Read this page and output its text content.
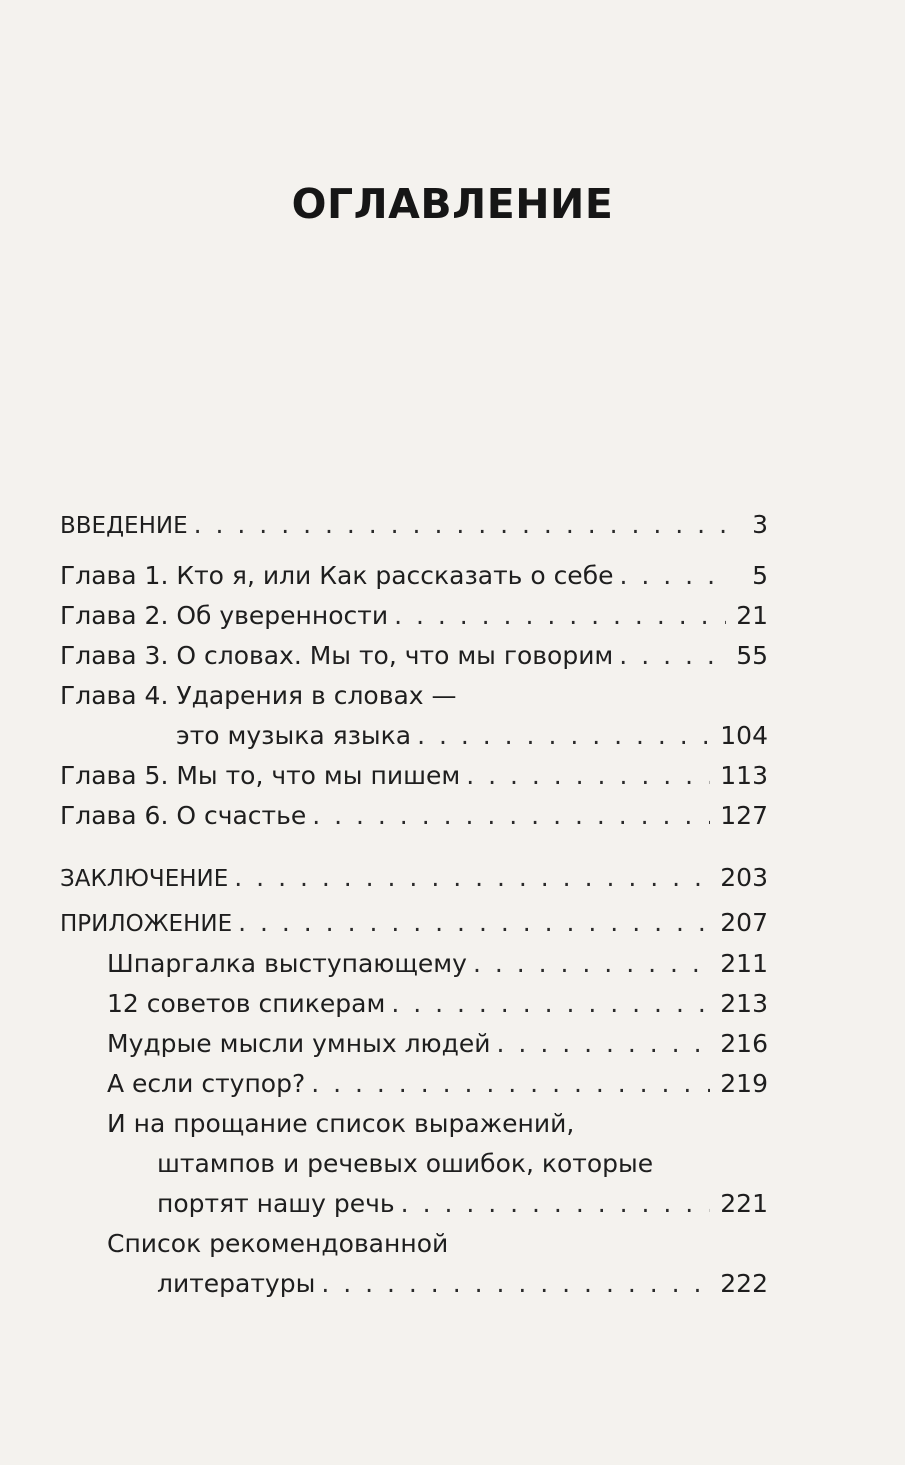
ОГЛАВЛЕНИЕ
ВВЕДЕНИЕ . . .	3
Глава 1. Кто я, или Как рассказать о себе . . .	5
Глава 2. Об уверенности . . .	21
Глава 3. О словах. Мы то, что мы говорим . . .	55
Глава 4. Ударения в словах —
это музыка языка . . .	104
Глава 5. Мы то, что мы пишем . . .	113
Глава 6. О счастье . . .	127
ЗАКЛЮЧЕНИЕ . . .	203
ПРИЛОЖЕНИЕ . . .	207
Шпаргалка выступающему . . .	211
12 советов спикерам . . .	213
Мудрые мысли умных людей . . .	216
А если ступор? . . .	219
И на прощание список выражений,
штампов и речевых ошибок, которые
портят нашу речь . . .	221
Список рекомендованной
литературы . . .	222
